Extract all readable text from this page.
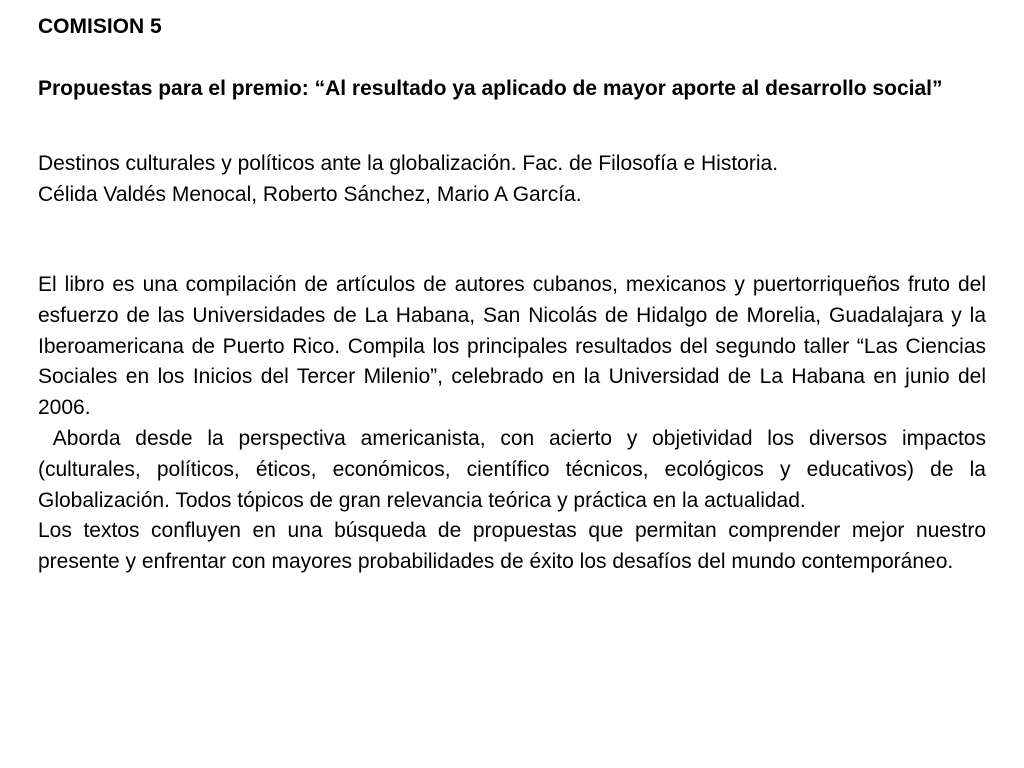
COMISION 5
Propuestas para el premio: “Al resultado ya aplicado de mayor aporte al desarrollo social”

Destinos culturales y políticos ante la globalización. Fac. de Filosofía e Historia.

Célida Valdés Menocal, Roberto Sánchez, Mario A García.

El libro es una compilación de artículos de autores cubanos, mexicanos y puertorriqueños fruto del esfuerzo de las Universidades de La Habana, San Nicolás de Hidalgo de Morelia, Guadalajara y la Iberoamericana de Puerto Rico. Compila los principales resultados del segundo taller “Las Ciencias Sociales en los Inicios del Tercer Milenio”, celebrado en la Universidad de La Habana en junio del 2006.

Aborda desde la perspectiva americanista, con acierto y objetividad los diversos impactos (culturales, políticos, éticos, económicos, científico técnicos, ecológicos y educativos) de la Globalización. Todos tópicos de gran relevancia teórica y práctica en la actualidad.

Los textos confluyen en una búsqueda de propuestas que permitan comprender mejor nuestro presente y enfrentar con mayores probabilidades de éxito los desafíos del mundo contemporáneo.
